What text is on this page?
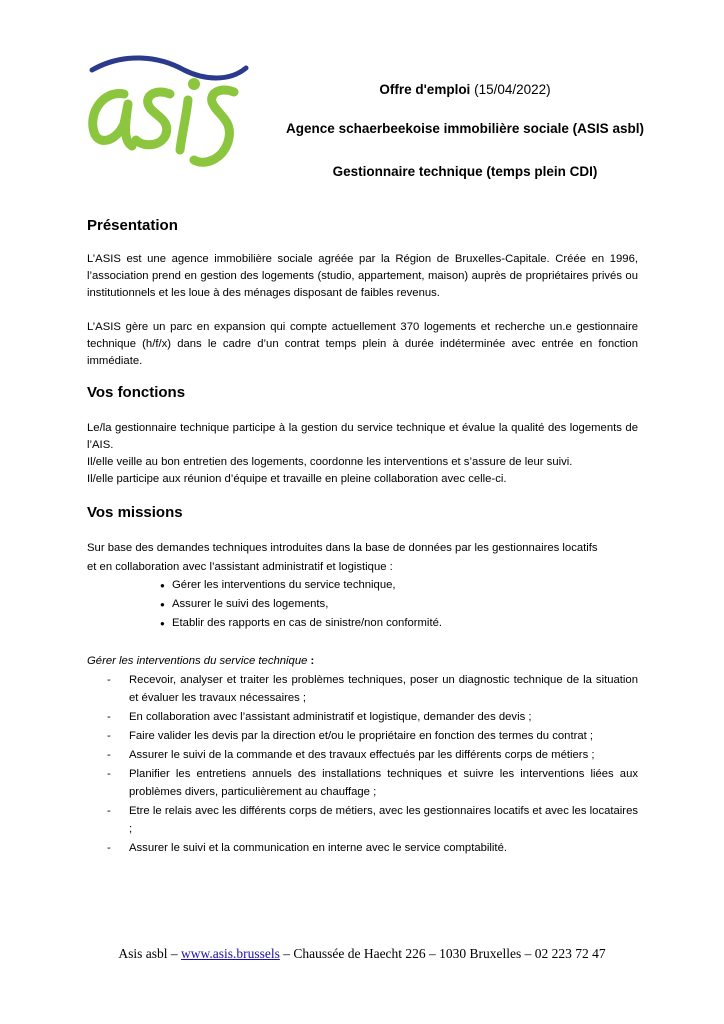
Offre d'emploi (15/04/2022)
Agence schaerbeekoise immobilière sociale (ASIS asbl)
Gestionnaire technique (temps plein CDI)
Présentation

L’ASIS est une agence immobilière sociale agréée par la Région de Bruxelles-Capitale. Créée en 1996, l’association prend en gestion des logements (studio, appartement, maison) auprès de propriétaires privés ou institutionnels et les loue à des ménages disposant de faibles revenus.

L’ASIS gère un parc en expansion qui compte actuellement 370 logements et recherche un.e gestionnaire technique (h/f/x) dans le cadre d’un contrat temps plein à durée indéterminée avec entrée en fonction immédiate.

Vos fonctions

Le/la gestionnaire technique participe à la gestion du service technique et évalue la qualité des logements de l’AIS.

Il/elle veille au bon entretien des logements, coordonne les interventions et s’assure de leur suivi.

Il/elle participe aux réunion d’équipe et travaille en pleine collaboration avec celle-ci.

Vos missions

Sur base des demandes techniques introduites dans la base de données par les gestionnaires locatifs

et en collaboration avec l’assistant administratif et logistique :

● Gérer les interventions du service technique,
● Assurer le suivi des logements,
● Etablir des rapports en cas de sinistre/non conformité.
Gérer les interventions du service technique :
- Recevoir, analyser et traiter les problèmes techniques, poser un diagnostic technique de la situation et évaluer les travaux nécessaires ;
- En collaboration avec l’assistant administratif et logistique, demander des devis ;
- Faire valider les devis par la direction et/ou le propriétaire en fonction des termes du contrat ;
- Assurer le suivi de la commande et des travaux effectués par les différents corps de métiers ;
- Planifier les entretiens annuels des installations techniques et suivre les interventions liées aux problèmes divers, particulièrement au chauffage ;
- Etre le relais avec les différents corps de métiers, avec les gestionnaires locatifs et avec les locataires ;
- Assurer le suivi et la communication en interne avec le service comptabilité.
Asis asbl – www.asis.brussels – Chaussée de Haecht 226 – 1030 Bruxelles – 02 223 72 47
